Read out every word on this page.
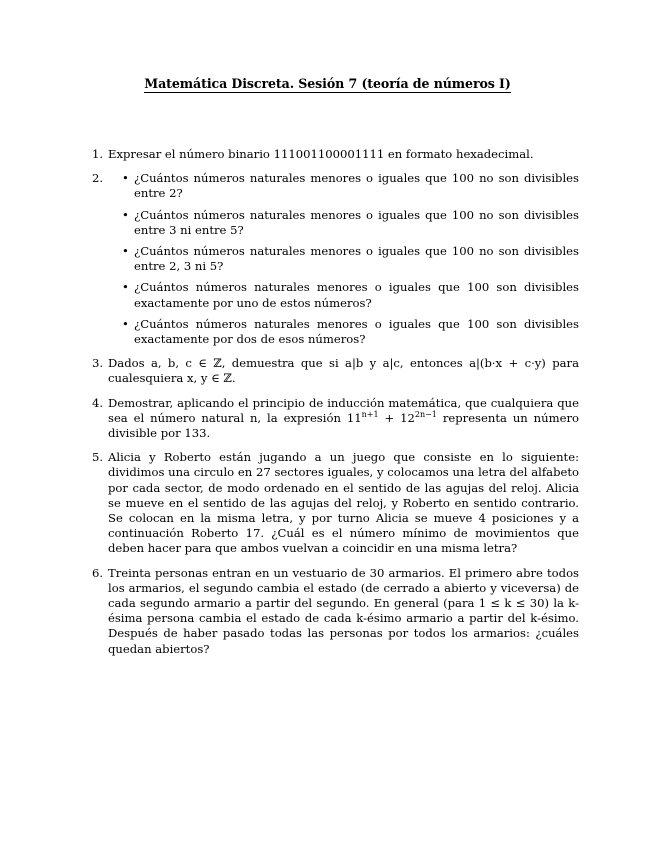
Matemática Discreta. Sesión 7 (teoría de números I)
1. Expresar el número binario 111001100001111 en formato hexadecimal.
2. • ¿Cuántos números naturales menores o iguales que 100 no son divisibles entre 2?
• ¿Cuántos números naturales menores o iguales que 100 no son divisibles entre 3 ni entre 5?
• ¿Cuántos números naturales menores o iguales que 100 no son divisibles entre 2, 3 ni 5?
• ¿Cuántos números naturales menores o iguales que 100 son divisibles exactamente por uno de estos números?
• ¿Cuántos números naturales menores o iguales que 100 son divisibles exactamente por dos de esos números?
3. Dados a, b, c ∈ ℤ, demuestra que si a|b y a|c, entonces a|(b·x + c·y) para cualesquiera x, y ∈ ℤ.
4. Demostrar, aplicando el principio de inducción matemática, que cualquiera que sea el número natural n, la expresión $11^{n+1} + 12^{2n-1}$ representa un número divisible por 133.
5. Alicia y Roberto están jugando a un juego que consiste en lo siguiente: dividimos una circulo en 27 sectores iguales, y colocamos una letra del alfabeto por cada sector, de modo ordenado en el sentido de las agujas del reloj. Alicia se mueve en el sentido de las agujas del reloj, y Roberto en sentido contrario. Se colocan en la misma letra, y por turno Alicia se mueve 4 posiciones y a continuación Roberto 17. ¿Cuál es el número mínimo de movimientos que deben hacer para que ambos vuelvan a coincidir en una misma letra?
6. Treinta personas entran en un vestuario de 30 armarios. El primero abre todos los armarios, el segundo cambia el estado (de cerrado a abierto y viceversa) de cada segundo armario a partir del segundo. En general (para 1 ≤ k ≤ 30) la k-ésima persona cambia el estado de cada k-ésimo armario a partir del k-ésimo. Después de haber pasado todas las personas por todos los armarios: ¿cuáles quedan abiertos?
